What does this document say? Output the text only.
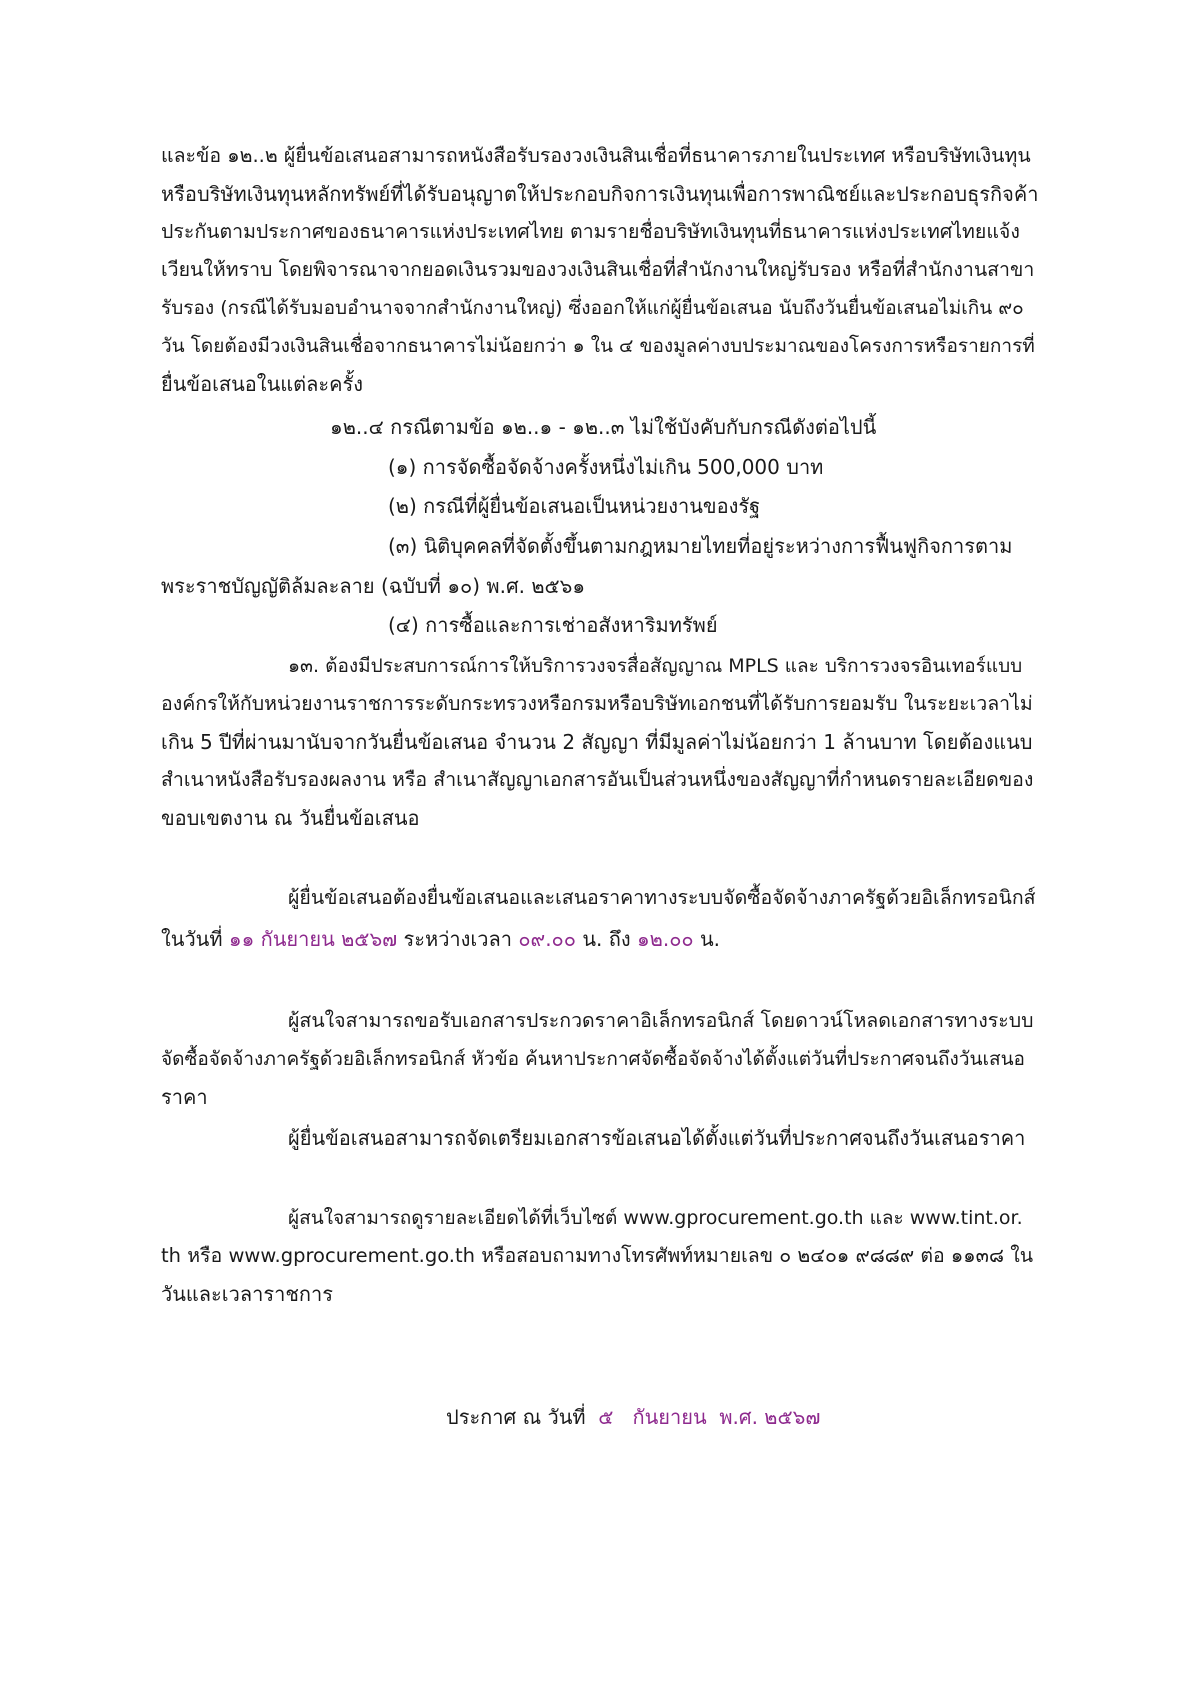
และข้อ ๑๒..๒ ผู้ยื่นข้อเสนอสามารถหนังสือรับรองวงเงินสินเชื่อที่ธนาคารภายในประเทศ หรือบริษัทเงินทุน
หรือบริษัทเงินทุนหลักทรัพย์ที่ได้รับอนุญาตให้ประกอบกิจการเงินทุนเพื่อการพาณิชย์และประกอบธุรกิจค้า
ประกันตามประกาศของธนาคารแห่งประเทศไทย ตามรายชื่อบริษัทเงินทุนที่ธนาคารแห่งประเทศไทยแจ้ง
เวียนให้ทราบ โดยพิจารณาจากยอดเงินรวมของวงเงินสินเชื่อที่สำนักงานใหญ่รับรอง หรือที่สำนักงานสาขา
รับรอง (กรณีได้รับมอบอำนาจจากสำนักงานใหญ่) ซึ่งออกให้แก่ผู้ยื่นข้อเสนอ นับถึงวันยื่นข้อเสนอไม่เกิน ๙๐
วัน โดยต้องมีวงเงินสินเชื่อจากธนาคารไม่น้อยกว่า ๑ ใน ๔ ของมูลค่างบประมาณของโครงการหรือรายการที่
ยื่นข้อเสนอในแต่ละครั้ง
๑๒..๔ กรณีตามข้อ ๑๒..๑ - ๑๒..๓ ไม่ใช้บังคับกับกรณีดังต่อไปนี้
(๑) การจัดซื้อจัดจ้างครั้งหนึ่งไม่เกิน 500,000 บาท
(๒) กรณีที่ผู้ยื่นข้อเสนอเป็นหน่วยงานของรัฐ
(๓) นิติบุคคลที่จัดตั้งขึ้นตามกฎหมายไทยที่อยู่ระหว่างการฟื้นฟูกิจการตาม
พระราชบัญญัติล้มละลาย (ฉบับที่ ๑๐) พ.ศ. ๒๕๖๑
(๔) การซื้อและการเช่าอสังหาริมทรัพย์
๑๓. ต้องมีประสบการณ์การให้บริการวงจรสื่อสัญญาณ MPLS และ บริการวงจรอินเทอร์แบบ
องค์กรให้กับหน่วยงานราชการระดับกระทรวงหรือกรมหรือบริษัทเอกชนที่ได้รับการยอมรับ ในระยะเวลาไม่
เกิน 5 ปีที่ผ่านมานับจากวันยื่นข้อเสนอ จำนวน 2 สัญญา ที่มีมูลค่าไม่น้อยกว่า 1 ล้านบาท โดยต้องแนบ
สำเนาหนังสือรับรองผลงาน หรือ สำเนาสัญญาเอกสารอันเป็นส่วนหนึ่งของสัญญาที่กำหนดรายละเอียดของ
ขอบเขตงาน ณ วันยื่นข้อเสนอ
ผู้ยื่นข้อเสนอต้องยื่นข้อเสนอและเสนอราคาทางระบบจัดซื้อจัดจ้างภาครัฐด้วยอิเล็กทรอนิกส์
ในวันที่ ๑๑ กันยายน ๒๕๖๗ ระหว่างเวลา ๐๙.๐๐ น. ถึง ๑๒.๐๐ น.
ผู้สนใจสามารถขอรับเอกสารประกวดราคาอิเล็กทรอนิกส์ โดยดาวน์โหลดเอกสารทางระบบ
จัดซื้อจัดจ้างภาครัฐด้วยอิเล็กทรอนิกส์ หัวข้อ ค้นหาประกาศจัดซื้อจัดจ้างได้ตั้งแต่วันที่ประกาศจนถึงวันเสนอ
ราคา
ผู้ยื่นข้อเสนอสามารถจัดเตรียมเอกสารข้อเสนอได้ตั้งแต่วันที่ประกาศจนถึงวันเสนอราคา
ผู้สนใจสามารถดูรายละเอียดได้ที่เว็บไซต์ www.gprocurement.go.th และ www.tint.or.
th หรือ www.gprocurement.go.th หรือสอบถามทางโทรศัพท์หมายเลข ๐ ๒๔๐๑ ๙๘๘๙ ต่อ ๑๑๓๘ ใน
วันและเวลาราชการ
ประกาศ ณ วันที่ ๕ กันยายน พ.ศ. ๒๕๖๗
